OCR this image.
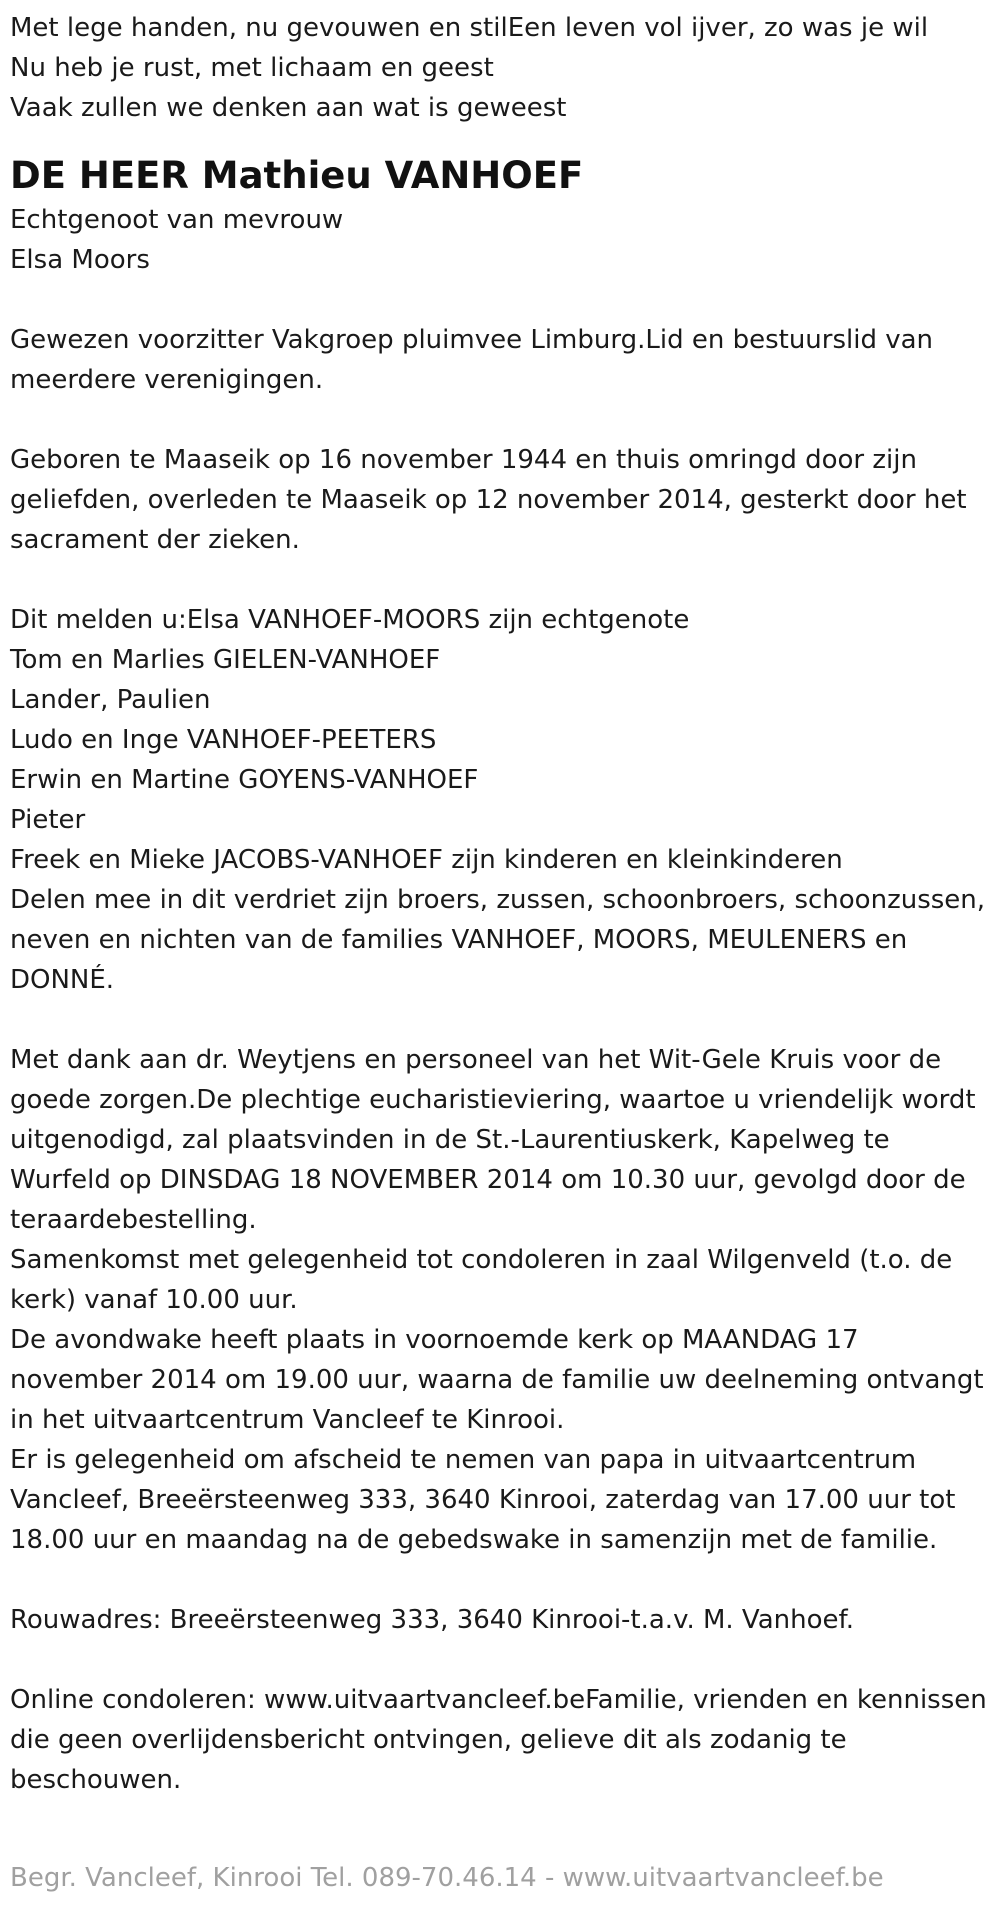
Met lege handen, nu gevouwen en stilEen leven vol ijver, zo was je wil

Nu heb je rust, met lichaam en geest

Vaak zullen we denken aan wat is geweest

DE HEER Mathieu VANHOEF

Echtgenoot van mevrouw

Elsa Moors

Gewezen voorzitter Vakgroep pluimvee Limburg.Lid en bestuurslid van meerdere verenigingen.

Geboren te Maaseik op 16 november 1944 en thuis omringd door zijn geliefden, overleden te Maaseik op 12 november 2014, gesterkt door het sacrament der zieken.

Dit melden u:Elsa VANHOEF-MOORS zijn echtgenote

Tom en Marlies GIELEN-VANHOEF

Lander, Paulien

Ludo en Inge VANHOEF-PEETERS

Erwin en Martine GOYENS-VANHOEF

Pieter

Freek en Mieke JACOBS-VANHOEF zijn kinderen en kleinkinderen

Delen mee in dit verdriet zijn broers, zussen, schoonbroers, schoonzussen, neven en nichten van de families VANHOEF, MOORS, MEULENERS en DONNÉ.

Met dank aan dr. Weytjens en personeel van het Wit-Gele Kruis voor de goede zorgen.De plechtige eucharistieviering, waartoe u vriendelijk wordt uitgenodigd, zal plaatsvinden in de St.-Laurentiuskerk, Kapelweg te Wurfeld op DINSDAG 18 NOVEMBER 2014 om 10.30 uur, gevolgd door de teraardebestelling.

Samenkomst met gelegenheid tot condoleren in zaal Wilgenveld (t.o. de kerk) vanaf 10.00 uur.

De avondwake heeft plaats in voornoemde kerk op MAANDAG 17 november 2014 om 19.00 uur, waarna de familie uw deelneming ontvangt in het uitvaartcentrum Vancleef te Kinrooi.

Er is gelegenheid om afscheid te nemen van papa in uitvaartcentrum Vancleef, Breeërsteenweg 333, 3640 Kinrooi, zaterdag van 17.00 uur tot 18.00 uur en maandag na de gebedswake in samenzijn met de familie.

Rouwadres: Breeërsteenweg 333, 3640 Kinrooi-t.a.v. M. Vanhoef.

Online condoleren: www.uitvaartvancleef.beFamilie, vrienden en kennissen die geen overlijdensbericht ontvingen, gelieve dit als zodanig te beschouwen.

Begr. Vancleef, Kinrooi Tel. 089-70.46.14 - www.uitvaartvancleef.be
